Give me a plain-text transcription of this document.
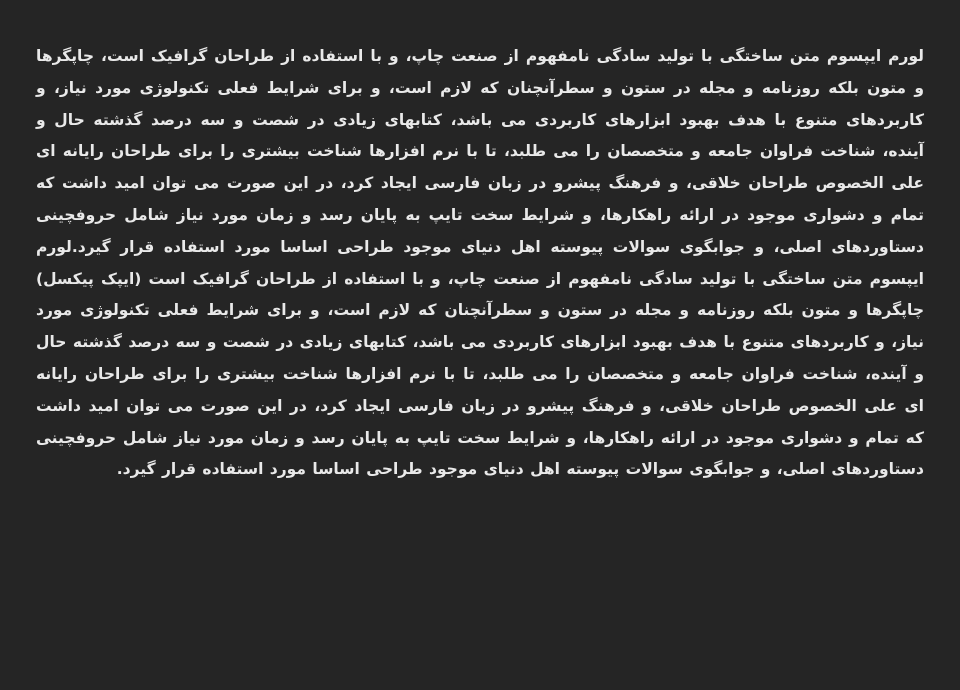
لورم ایپسوم متن ساختگی با تولید سادگی نامفهوم از صنعت چاپ، و با استفاده از طراحان گرافیک است، چاپگرها و متون بلکه روزنامه و مجله در ستون و سطرآنچنان که لازم است، و برای شرایط فعلی تکنولوژی مورد نیاز، و کاربردهای متنوع با هدف بهبود ابزارهای کاربردی می باشد، کتابهای زیادی در شصت و سه درصد گذشته حال و آینده، شناخت فراوان جامعه و متخصصان را می طلبد، تا با نرم افزارها شناخت بیشتری را برای طراحان رایانه ای علی الخصوص طراحان خلاقی، و فرهنگ پیشرو در زبان فارسی ایجاد کرد، در این صورت می توان امید داشت که تمام و دشواری موجود در ارائه راهکارها، و شرایط سخت تایپ به پایان رسد و زمان مورد نیاز شامل حروفچینی دستاوردهای اصلی، و جوابگوی سوالات پیوسته اهل دنیای موجود طراحی اساسا مورد استفاده قرار گیرد.لورم ایپسوم متن ساختگی با تولید سادگی نامفهوم از صنعت چاپ، و با استفاده از طراحان گرافیک است (ایپک پیکسل) چاپگرها و متون بلکه روزنامه و مجله در ستون و سطرآنچنان که لازم است، و برای شرایط فعلی تکنولوژی مورد نیاز، و کاربردهای متنوع با هدف بهبود ابزارهای کاربردی می باشد، کتابهای زیادی در شصت و سه درصد گذشته حال و آینده، شناخت فراوان جامعه و متخصصان را می طلبد، تا با نرم افزارها شناخت بیشتری را برای طراحان رایانه ای علی الخصوص طراحان خلاقی، و فرهنگ پیشرو در زبان فارسی ایجاد کرد، در این صورت می توان امید داشت که تمام و دشواری موجود در ارائه راهکارها، و شرایط سخت تایپ به پایان رسد و زمان مورد نیاز شامل حروفچینی دستاوردهای اصلی، و جوابگوی سوالات پیوسته اهل دنیای موجود طراحی اساسا مورد استفاده قرار گیرد.
